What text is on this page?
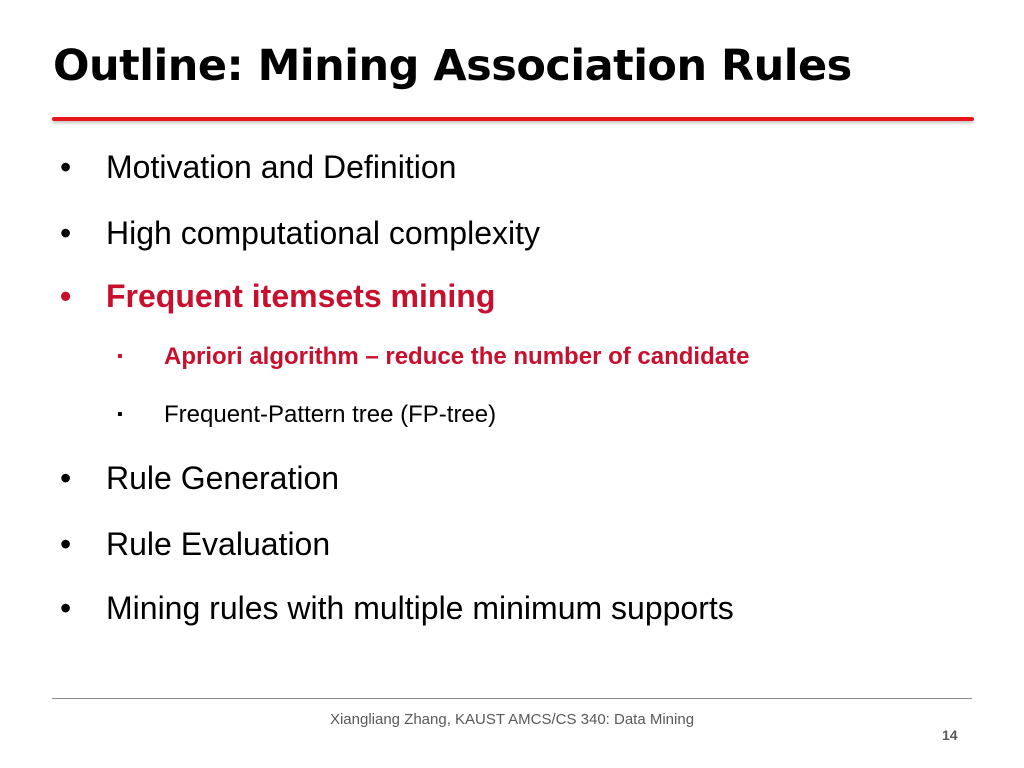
Outline: Mining Association Rules
• Motivation and Definition
• High computational complexity
• Frequent itemsets mining
▪ Apriori algorithm – reduce the number of candidate
▪ Frequent-Pattern tree (FP-tree)
• Rule Generation
• Rule Evaluation
• Mining rules with multiple minimum supports
Xiangliang Zhang, KAUST AMCS/CS 340: Data Mining
14
